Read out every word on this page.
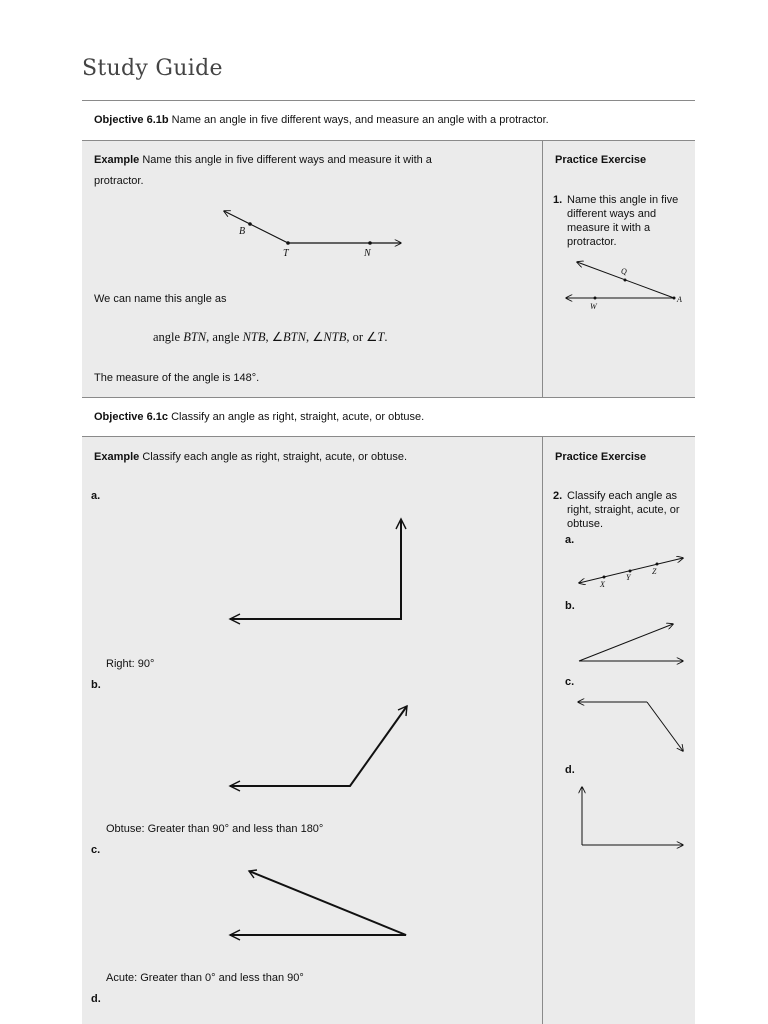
Study Guide
Objective 6.1b Name an angle in five different ways, and measure an angle with a protractor.
Example Name this angle in five different ways and measure it with a
protractor.
B
T	N
We can name this angle as
angle BTN, angle NTB, ∠BTN, ∠NTB, or ∠T.
The measure of the angle is 148°.
Practice Exercise
1. Name this angle in five different ways and measure it with a protractor.
Q
A
W
Objective 6.1c Classify an angle as right, straight, acute, or obtuse.
Example Classify each angle as right, straight, acute, or obtuse.
a.
Right: 90°
b.
Obtuse: Greater than 90° and less than 180°
c.
Acute: Greater than 0° and less than 90°
d.
Practice Exercise
2. Classify each angle as right, straight, acute, or obtuse.
a.
b.
c.
d.
X
Y
Z
